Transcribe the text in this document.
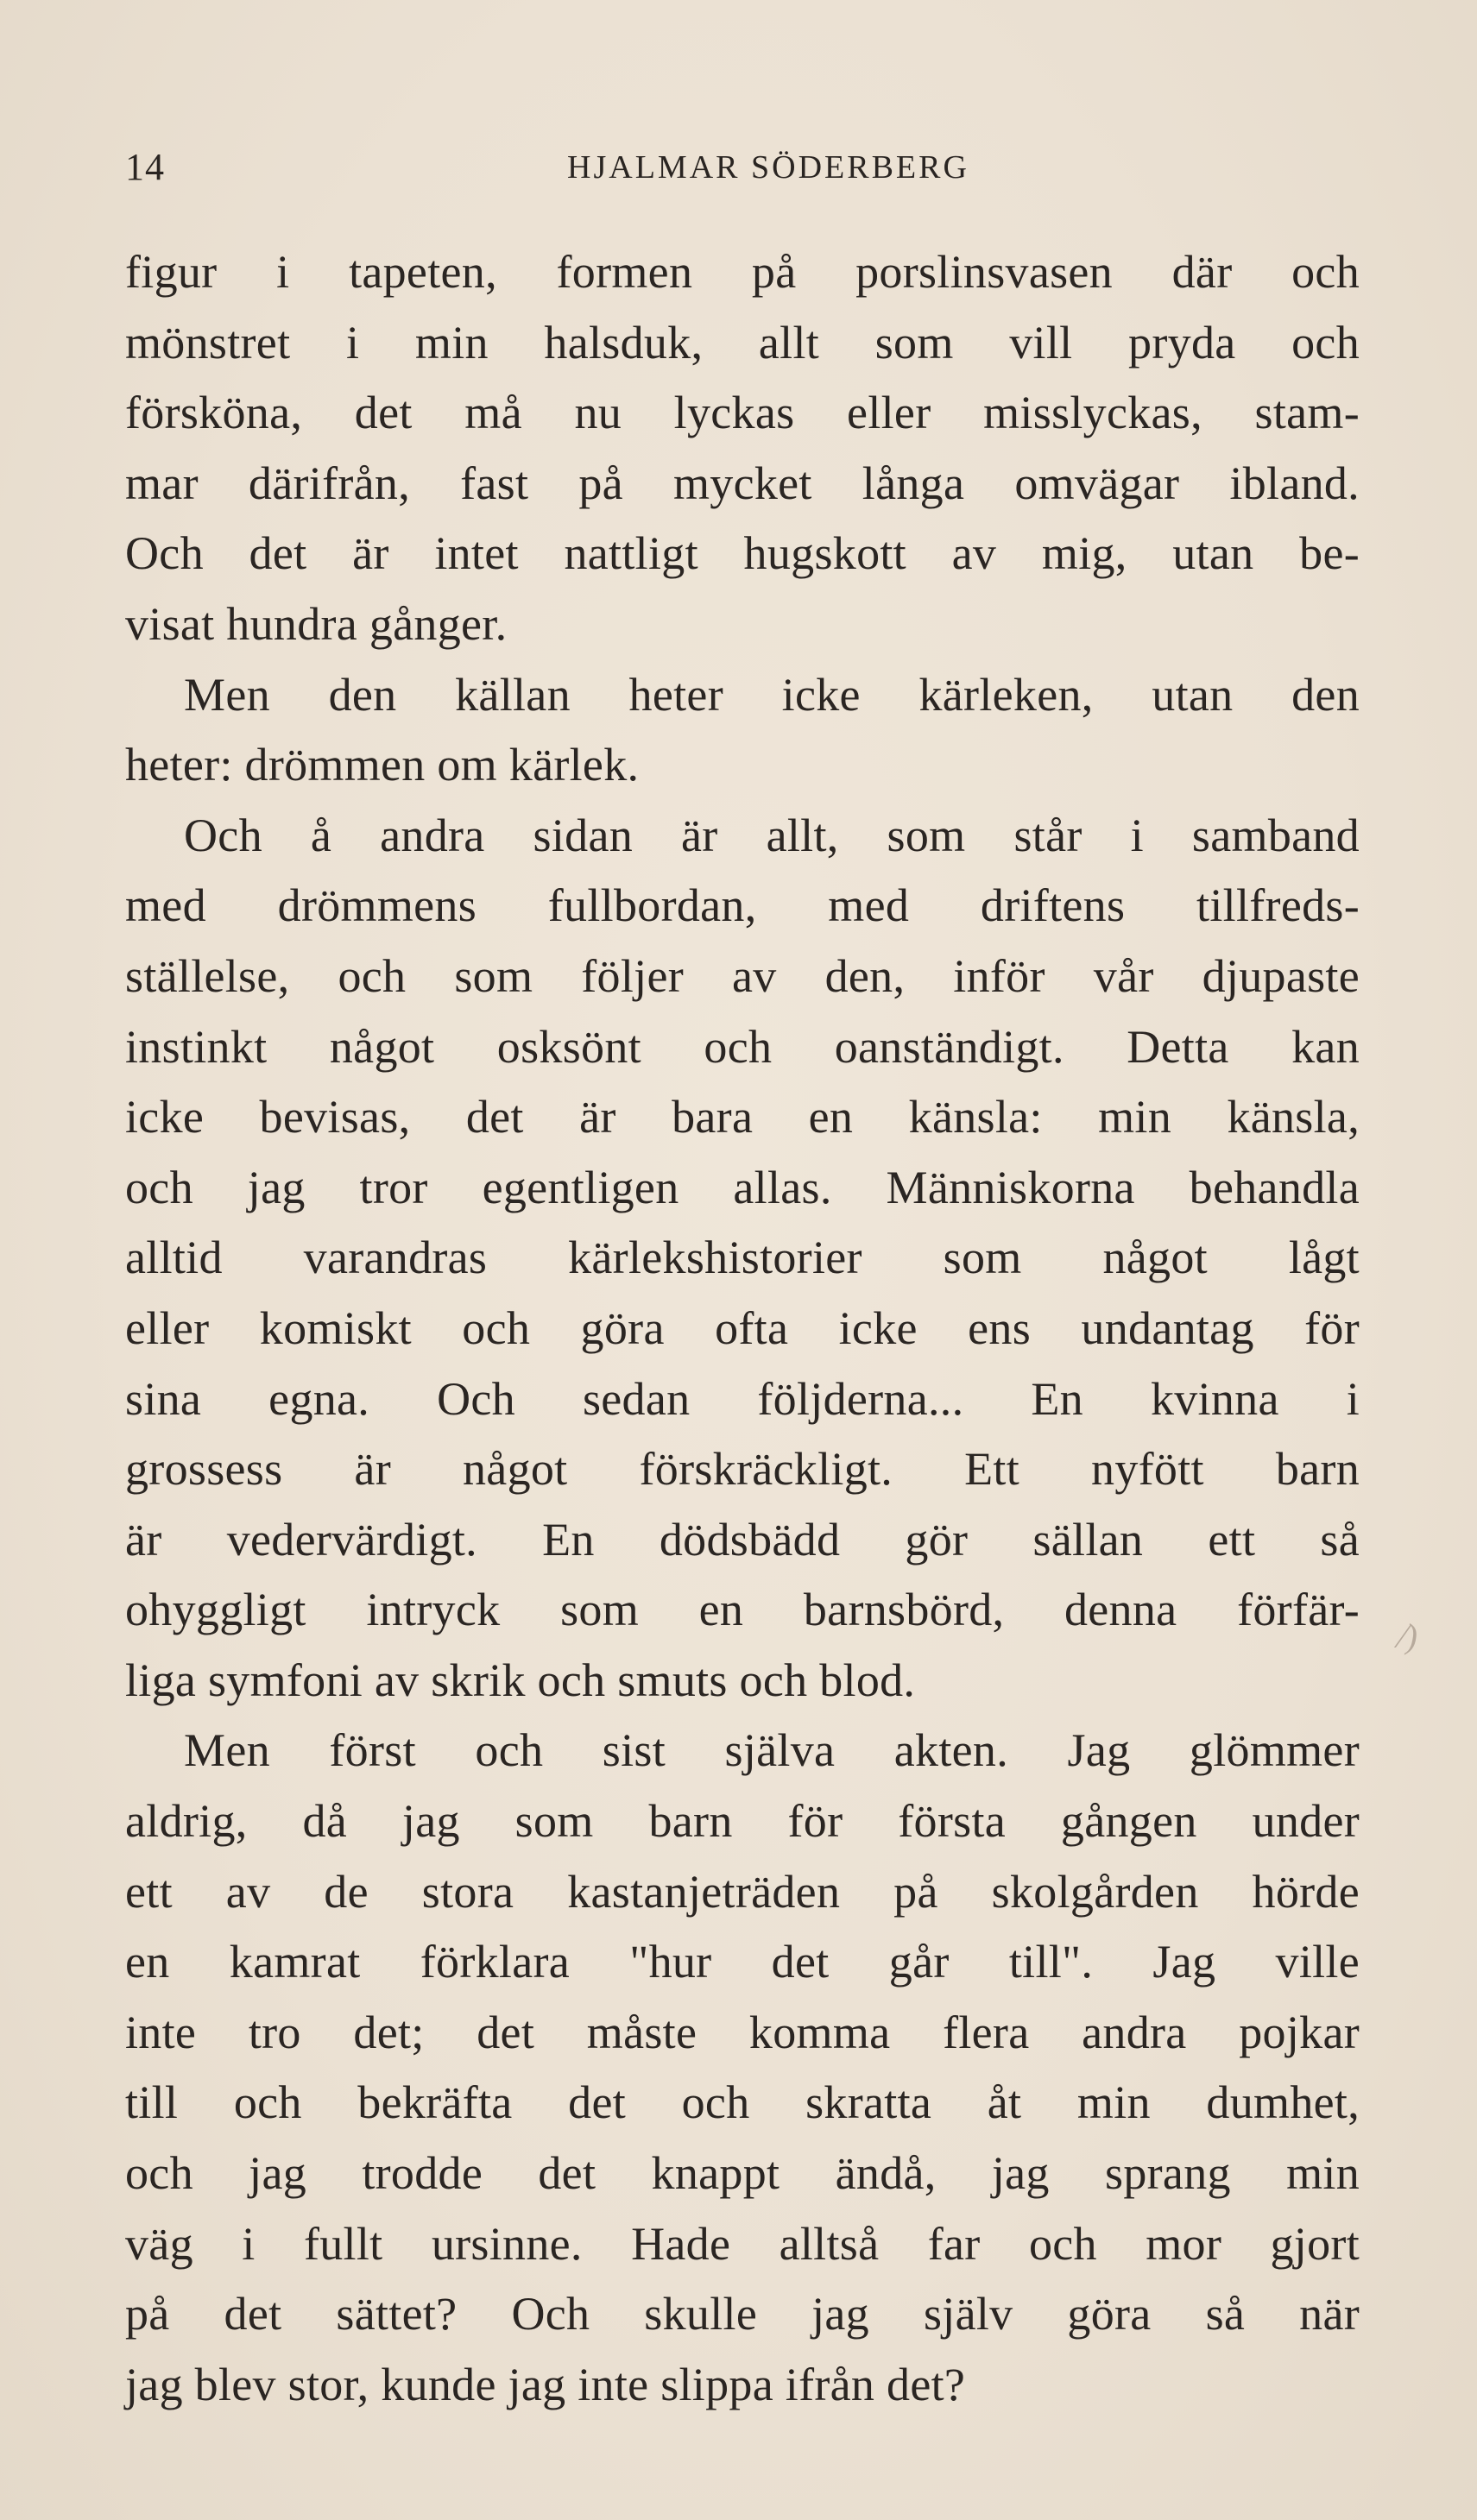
14	HJALMAR SÖDERBERG
figur i tapeten, formen på porslinsvasen där och
mönstret i min halsduk, allt som vill pryda och
försköna, det må nu lyckas eller misslyckas, stam-
mar därifrån, fast på mycket långa omvägar ibland.
Och det är intet nattligt hugskott av mig, utan be-
visat hundra gånger.
Men den källan heter icke kärleken, utan den
heter: drömmen om kärlek.
Och å andra sidan är allt, som står i samband
med drömmens fullbordan, med driftens tillfreds-
ställelse, och som följer av den, inför vår djupaste
instinkt något osksönt och oanständigt. Detta kan
icke bevisas, det är bara en känsla: min känsla,
och jag tror egentligen allas. Människorna behandla
alltid varandras kärlekshistorier som något lågt
eller komiskt och göra ofta icke ens undantag för
sina egna. Och sedan följderna... En kvinna i
grossess är något förskräckligt. Ett nyfött barn
är vedervärdigt. En dödsbädd gör sällan ett så
ohyggligt intryck som en barnsbörd, denna förfär-
liga symfoni av skrik och smuts och blod.
Men först och sist själva akten. Jag glömmer
aldrig, då jag som barn för första gången under
ett av de stora kastanjeträden på skolgården hörde
en kamrat förklara "hur det går till". Jag ville
inte tro det; det måste komma flera andra pojkar
till och bekräfta det och skratta åt min dumhet,
och jag trodde det knappt ändå, jag sprang min
väg i fullt ursinne. Hade alltså far och mor gjort
på det sättet? Och skulle jag själv göra så när
jag blev stor, kunde jag inte slippa ifrån det?
⁄)
